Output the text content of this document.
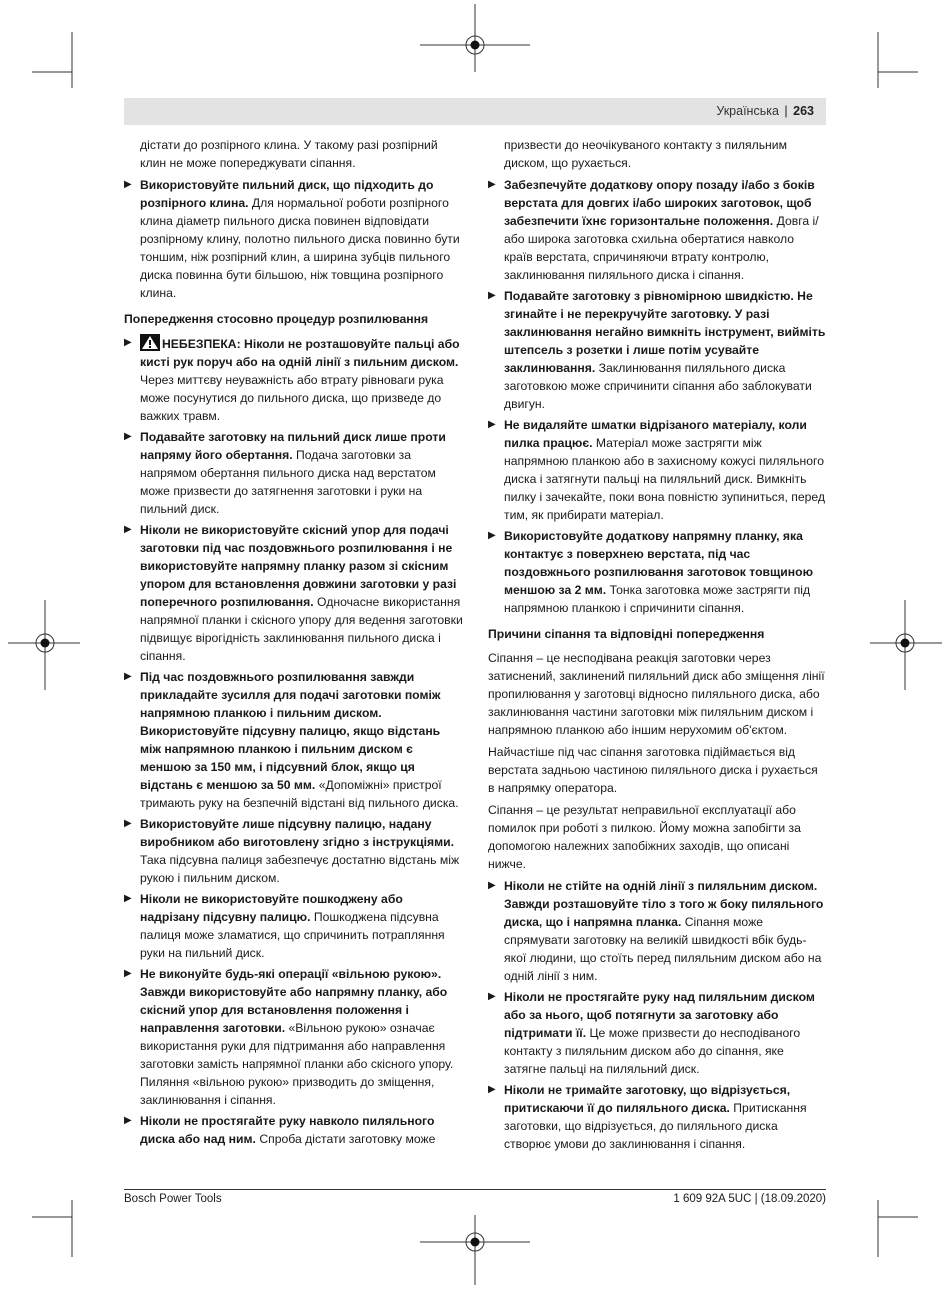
Українська | 263

дістати до розпірного клина. У такому разі розпірний клин не може попереджувати сіпання.

▶ Використовуйте пильний диск, що підходить до розпірного клина. Для нормальної роботи розпірного клина діаметр пильного диска повинен відповідати розпірному клину, полотно пильного диска повинно бути тоншим, ніж розпірний клин, а ширина зубців пильного диска повинна бути більшою, ніж товщина розпірного клина.
Попередження стосовно процедур розпилювання
▶ НЕБЕЗПЕКА: Ніколи не розташовуйте пальці або кисті рук поруч або на одній лінії з пильним диском. Через миттєву неуважність або втрату рівноваги рука може посунутися до пильного диска, що призведе до важких травм.
▶ Подавайте заготовку на пильний диск лише проти напряму його обертання. Подача заготовки за напрямом обертання пильного диска над верстатом може призвести до затягнення заготовки і руки на пильний диск.
▶ Ніколи не використовуйте скісний упор для подачі заготовки під час поздовжнього розпилювання і не використовуйте напрямну планку разом зі скісним упором для встановлення довжини заготовки у разі поперечного розпилювання. Одночасне використання напрямної планки і скісного упору для ведення заготовки підвищує вірогідність заклинювання пильного диска і сіпання.
▶ Під час поздовжнього розпилювання завжди прикладайте зусилля для подачі заготовки поміж напрямною планкою і пильним диском. Використовуйте підсувну палицю, якщо відстань між напрямною планкою і пильним диском є меншою за 150 мм, і підсувний блок, якщо ця відстань є меншою за 50 мм. «Допоміжні» пристрої тримають руку на безпечній відстані від пильного диска.
▶ Використовуйте лише підсувну палицю, надану виробником або виготовлену згідно з інструкціями. Така підсувна палиця забезпечує достатню відстань між рукою і пильним диском.
▶ Ніколи не використовуйте пошкоджену або надрізану підсувну палицю. Пошкоджена підсувна палиця може зламатися, що спричинить потрапляння руки на пильний диск.
▶ Не виконуйте будь-які операції «вільною рукою». Завжди використовуйте або напрямну планку, або скісний упор для встановлення положення і направлення заготовки. «Вільною рукою» означає використання руки для підтримання або направлення заготовки замість напрямної планки або скісного упору. Пиляння «вільною рукою» призводить до зміщення, заклинювання і сіпання.
▶ Ніколи не простягайте руку навколо пиляльного диска або над ним. Спроба дістати заготовку може

призвести до неочікуваного контакту з пиляльним диском, що рухається.

▶ Забезпечуйте додаткову опору позаду і/або з боків верстата для довгих і/або широких заготовок, щоб забезпечити їхнє горизонтальне положення. Довга і/або широка заготовка схильна обертатися навколо країв верстата, спричиняючи втрату контролю, заклинювання пиляльного диска і сіпання.
▶ Подавайте заготовку з рівномірною швидкістю. Не згинайте і не перекручуйте заготовку. У разі заклинювання негайно вимкніть інструмент, вийміть штепсель з розетки і лише потім усувайте заклинювання. Заклинювання пиляльного диска заготовкою може спричинити сіпання або заблокувати двигун.
▶ Не видаляйте шматки відрізаного матеріалу, коли пилка працює. Матеріал може застрягти між напрямною планкою або в захисному кожусі пиляльного диска і затягнути пальці на пиляльний диск. Вимкніть пилку і зачекайте, поки вона повністю зупиниться, перед тим, як прибирати матеріал.
▶ Використовуйте додаткову напрямну планку, яка контактує з поверхнею верстата, під час поздовжнього розпилювання заготовок товщиною меншою за 2 мм. Тонка заготовка може застрягти під напрямною планкою і спричинити сіпання.
Причини сіпання та відповідні попередження

Сіпання – це несподівана реакція заготовки через затиснений, заклинений пиляльний диск або зміщення лінії пропилювання у заготовці відносно пиляльного диска, або заклинювання частини заготовки між пиляльним диском і напрямною планкою або іншим нерухомим об'єктом.

Найчастіше під час сіпання заготовка підіймається від верстата задньою частиною пиляльного диска і рухається в напрямку оператора.

Сіпання – це результат неправильної експлуатації або помилок при роботі з пилкою. Йому можна запобігти за допомогою належних запобіжних заходів, що описані нижче.

▶ Ніколи не стійте на одній лінії з пиляльним диском. Завжди розташовуйте тіло з того ж боку пиляльного диска, що і напрямна планка. Сіпання може спрямувати заготовку на великій швидкості вбік будь-якої людини, що стоїть перед пиляльним диском або на одній лінії з ним.
▶ Ніколи не простягайте руку над пиляльним диском або за нього, щоб потягнути за заготовку або підтримати її. Це може призвести до несподіваного контакту з пиляльним диском або до сіпання, яке затягне пальці на пиляльний диск.
▶ Ніколи не тримайте заготовку, що відрізується, притискаючи її до пиляльного диска. Притискання заготовки, що відрізується, до пиляльного диска створює умови до заклинювання і сіпання.
Bosch Power Tools	1 609 92A 5UC | (18.09.2020)
